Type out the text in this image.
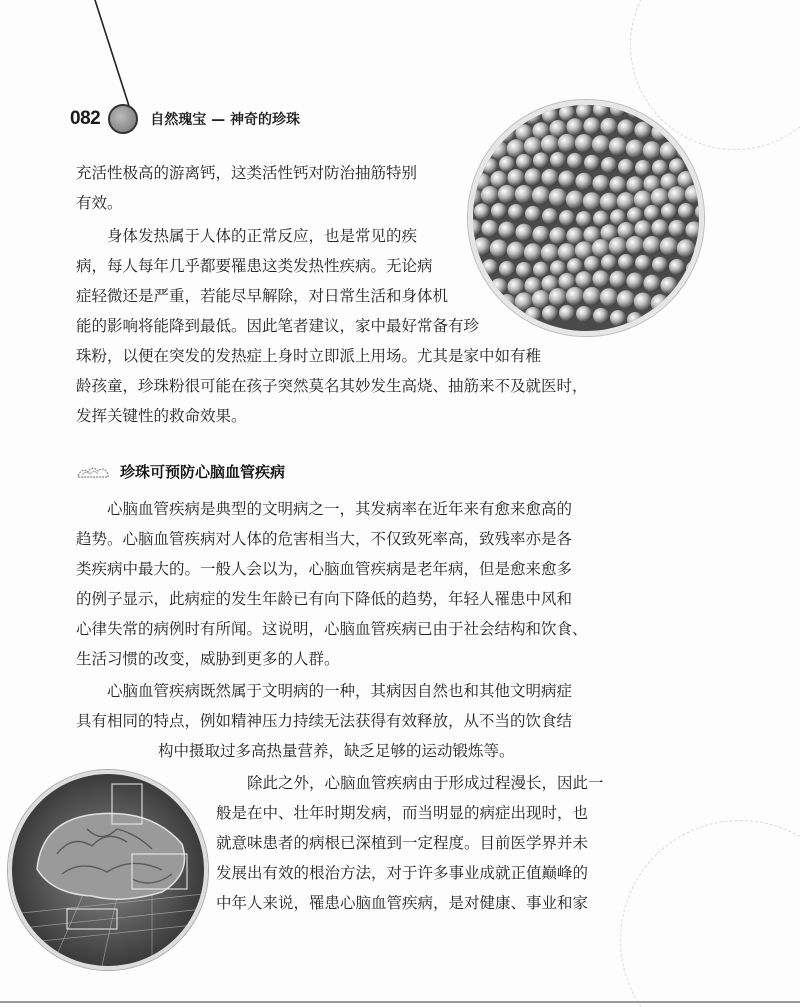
082	自然瑰宝 — 神奇的珍珠

充活性极高的游离钙，这类活性钙对防治抽筋特别

有效。

身体发热属于人体的正常反应，也是常见的疾

病，每人每年几乎都要罹患这类发热性疾病。无论病

症轻微还是严重，若能尽早解除，对日常生活和身体机

能的影响将能降到最低。因此笔者建议，家中最好常备有珍

珠粉，以便在突发的发热症上身时立即派上用场。尤其是家中如有稚

龄孩童，珍珠粉很可能在孩子突然莫名其妙发生高烧、抽筋来不及就医时，

发挥关键性的救命效果。

珍珠可预防心脑血管疾病

心脑血管疾病是典型的文明病之一，其发病率在近年来有愈来愈高的

趋势。心脑血管疾病对人体的危害相当大，不仅致死率高，致残率亦是各

类疾病中最大的。一般人会以为，心脑血管疾病是老年病，但是愈来愈多

的例子显示，此病症的发生年龄已有向下降低的趋势，年轻人罹患中风和

心律失常的病例时有所闻。这说明，心脑血管疾病已由于社会结构和饮食、

生活习惯的改变，威胁到更多的人群。

心脑血管疾病既然属于文明病的一种，其病因自然也和其他文明病症

具有相同的特点，例如精神压力持续无法获得有效释放，从不当的饮食结

构中摄取过多高热量营养，缺乏足够的运动锻炼等。

除此之外，心脑血管疾病由于形成过程漫长，因此一

般是在中、壮年时期发病，而当明显的病症出现时，也

就意味患者的病根已深植到一定程度。目前医学界并未

发展出有效的根治方法，对于许多事业成就正值巅峰的

中年人来说，罹患心脑血管疾病，是对健康、事业和家
